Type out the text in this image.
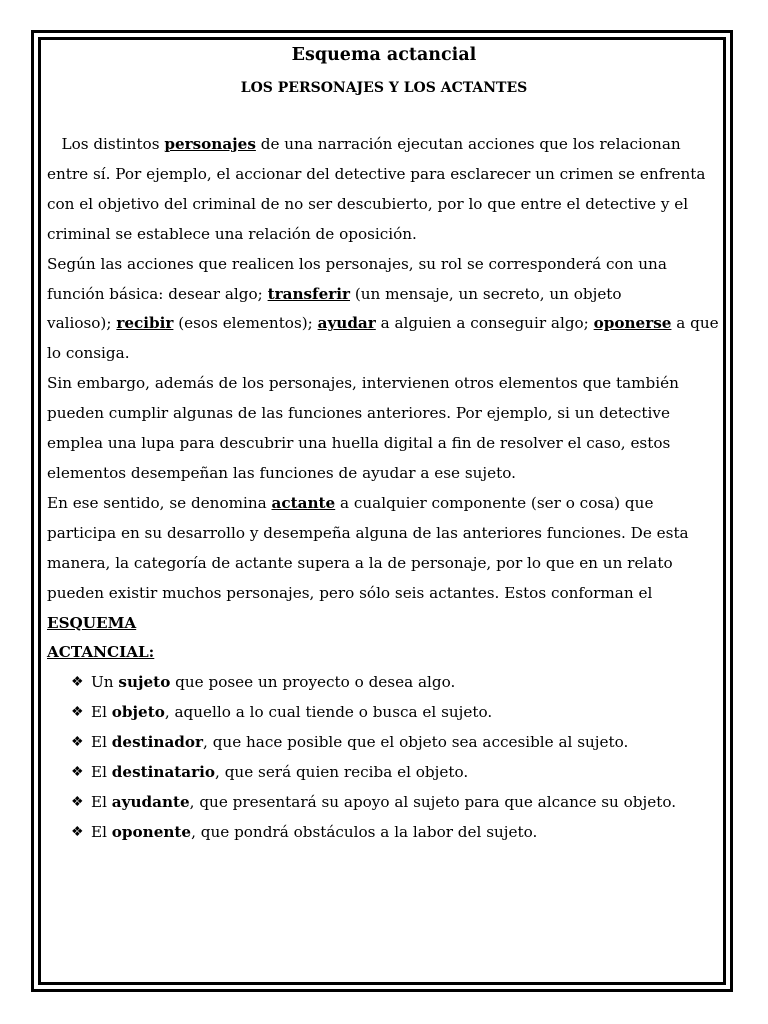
Esquema actancial
LOS PERSONAJES Y LOS ACTANTES

Los distintos personajes de una narración ejecutan acciones que los relacionan entre sí. Por ejemplo, el accionar del detective para esclarecer un crimen se enfrenta con el objetivo del criminal de no ser descubierto, por lo que entre el detective y el criminal se establece una relación de oposición.

Según las acciones que realicen los personajes, su rol se corresponderá con una función básica: desear algo; transferir (un mensaje, un secreto, un objeto
valioso); recibir (esos elementos); ayudar a alguien a conseguir algo; oponerse a que lo consiga.

Sin embargo, además de los personajes, intervienen otros elementos que también pueden cumplir algunas de las funciones anteriores. Por ejemplo, si un detective emplea una lupa para descubrir una huella digital a fin de resolver el caso, estos elementos desempeñan las funciones de ayudar a ese sujeto.

En ese sentido, se denomina actante a cualquier componente (ser o cosa) que participa en su desarrollo y desempeña alguna de las anteriores funciones. De esta manera, la categoría de actante supera a la de personaje, por lo que en un relato pueden existir muchos personajes, pero sólo seis actantes. Estos conforman el ESQUEMA
ACTANCIAL:

❖ Un sujeto que posee un proyecto o desea algo.
❖ El objeto, aquello a lo cual tiende o busca el sujeto.
❖ El destinador, que hace posible que el objeto sea accesible al sujeto.
❖ El destinatario, que será quien reciba el objeto.
❖ El ayudante, que presentará su apoyo al sujeto para que alcance su objeto.
❖ El oponente, que pondrá obstáculos a la labor del sujeto.
